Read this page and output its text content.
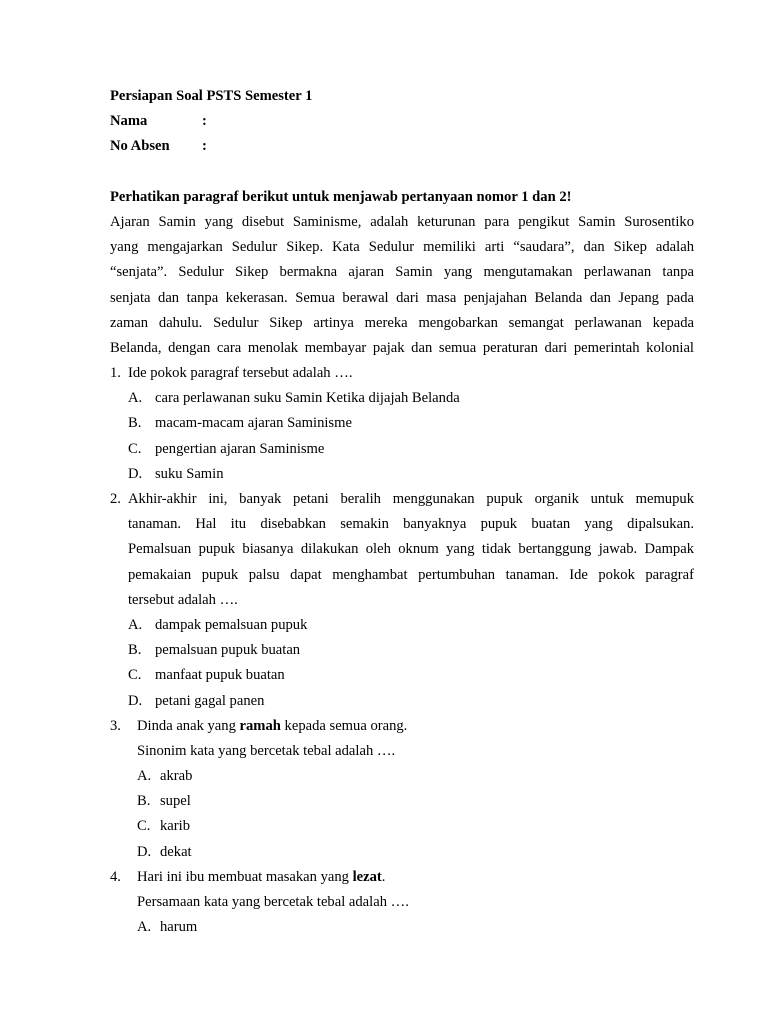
Persiapan Soal PSTS Semester 1
Nama	:
No Absen :
Perhatikan paragraf berikut untuk menjawab pertanyaan nomor 1 dan 2!
Ajaran Samin yang disebut Saminisme, adalah keturunan para pengikut Samin Surosentiko
yang mengajarkan Sedulur Sikep. Kata Sedulur memiliki arti “saudara”, dan Sikep adalah
“senjata”. Sedulur Sikep bermakna ajaran Samin yang mengutamakan perlawanan tanpa
senjata dan tanpa kekerasan. Semua berawal dari masa penjajahan Belanda dan Jepang pada
zaman dahulu. Sedulur Sikep artinya mereka mengobarkan semangat perlawanan kepada
Belanda, dengan cara menolak membayar pajak dan semua peraturan dari pemerintah kolonial
1. Ide pokok paragraf tersebut adalah ….
A. cara perlawanan suku Samin Ketika dijajah Belanda
B. macam-macam ajaran Saminisme
C. pengertian ajaran Saminisme
D. suku Samin
2. Akhir-akhir ini, banyak petani beralih menggunakan pupuk organik untuk memupuk
tanaman. Hal itu disebabkan semakin banyaknya pupuk buatan yang dipalsukan.
Pemalsuan pupuk biasanya dilakukan oleh oknum yang tidak bertanggung jawab. Dampak
pemakaian pupuk palsu dapat menghambat pertumbuhan tanaman. Ide pokok paragraf
tersebut adalah ….
A. dampak pemalsuan pupuk
B. pemalsuan pupuk buatan
C. manfaat pupuk buatan
D. petani gagal panen
3. Dinda anak yang ramah kepada semua orang.
Sinonim kata yang bercetak tebal adalah ….
A. akrab
B. supel
C. karib
D. dekat
4. Hari ini ibu membuat masakan yang lezat.
Persamaan kata yang bercetak tebal adalah ….
A. harum
